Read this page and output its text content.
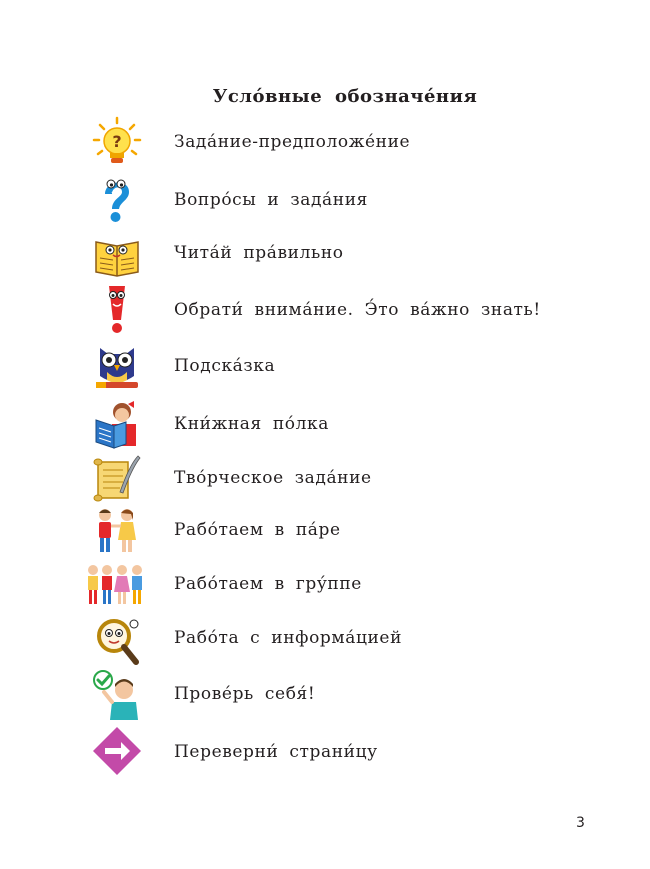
Усло́вные обозначе́ния
?	Зада́ние-предположе́ние
Вопро́сы и зада́ния
Чита́й пра́вильно
Обрати́ внима́ние. Э́то ва́жно знать!
Подска́зка
Кни́жная по́лка
Тво́рческое зада́ние
Рабо́таем в па́ре
Рабо́таем в гру́ппе
Рабо́та с информа́цией
Прове́рь себя́!
Переверни́ страни́цу
3
